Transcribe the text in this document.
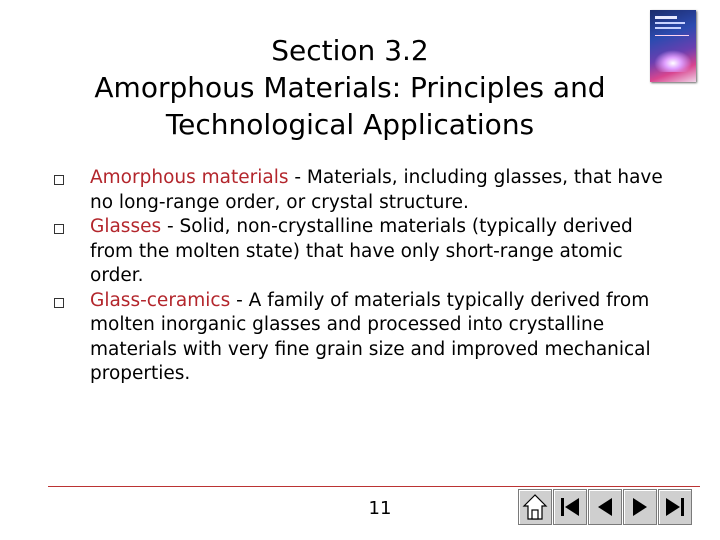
Section 3.2
Amorphous Materials: Principles and
Technological Applications
Amorphous materials - Materials, including glasses, that have no long-range order, or crystal structure.
Glasses - Solid, non-crystalline materials (typically derived from the molten state) that have only short-range atomic order.
Glass-ceramics - A family of materials typically derived from molten inorganic glasses and processed into crystalline materials with very fine grain size and improved mechanical properties.
11
